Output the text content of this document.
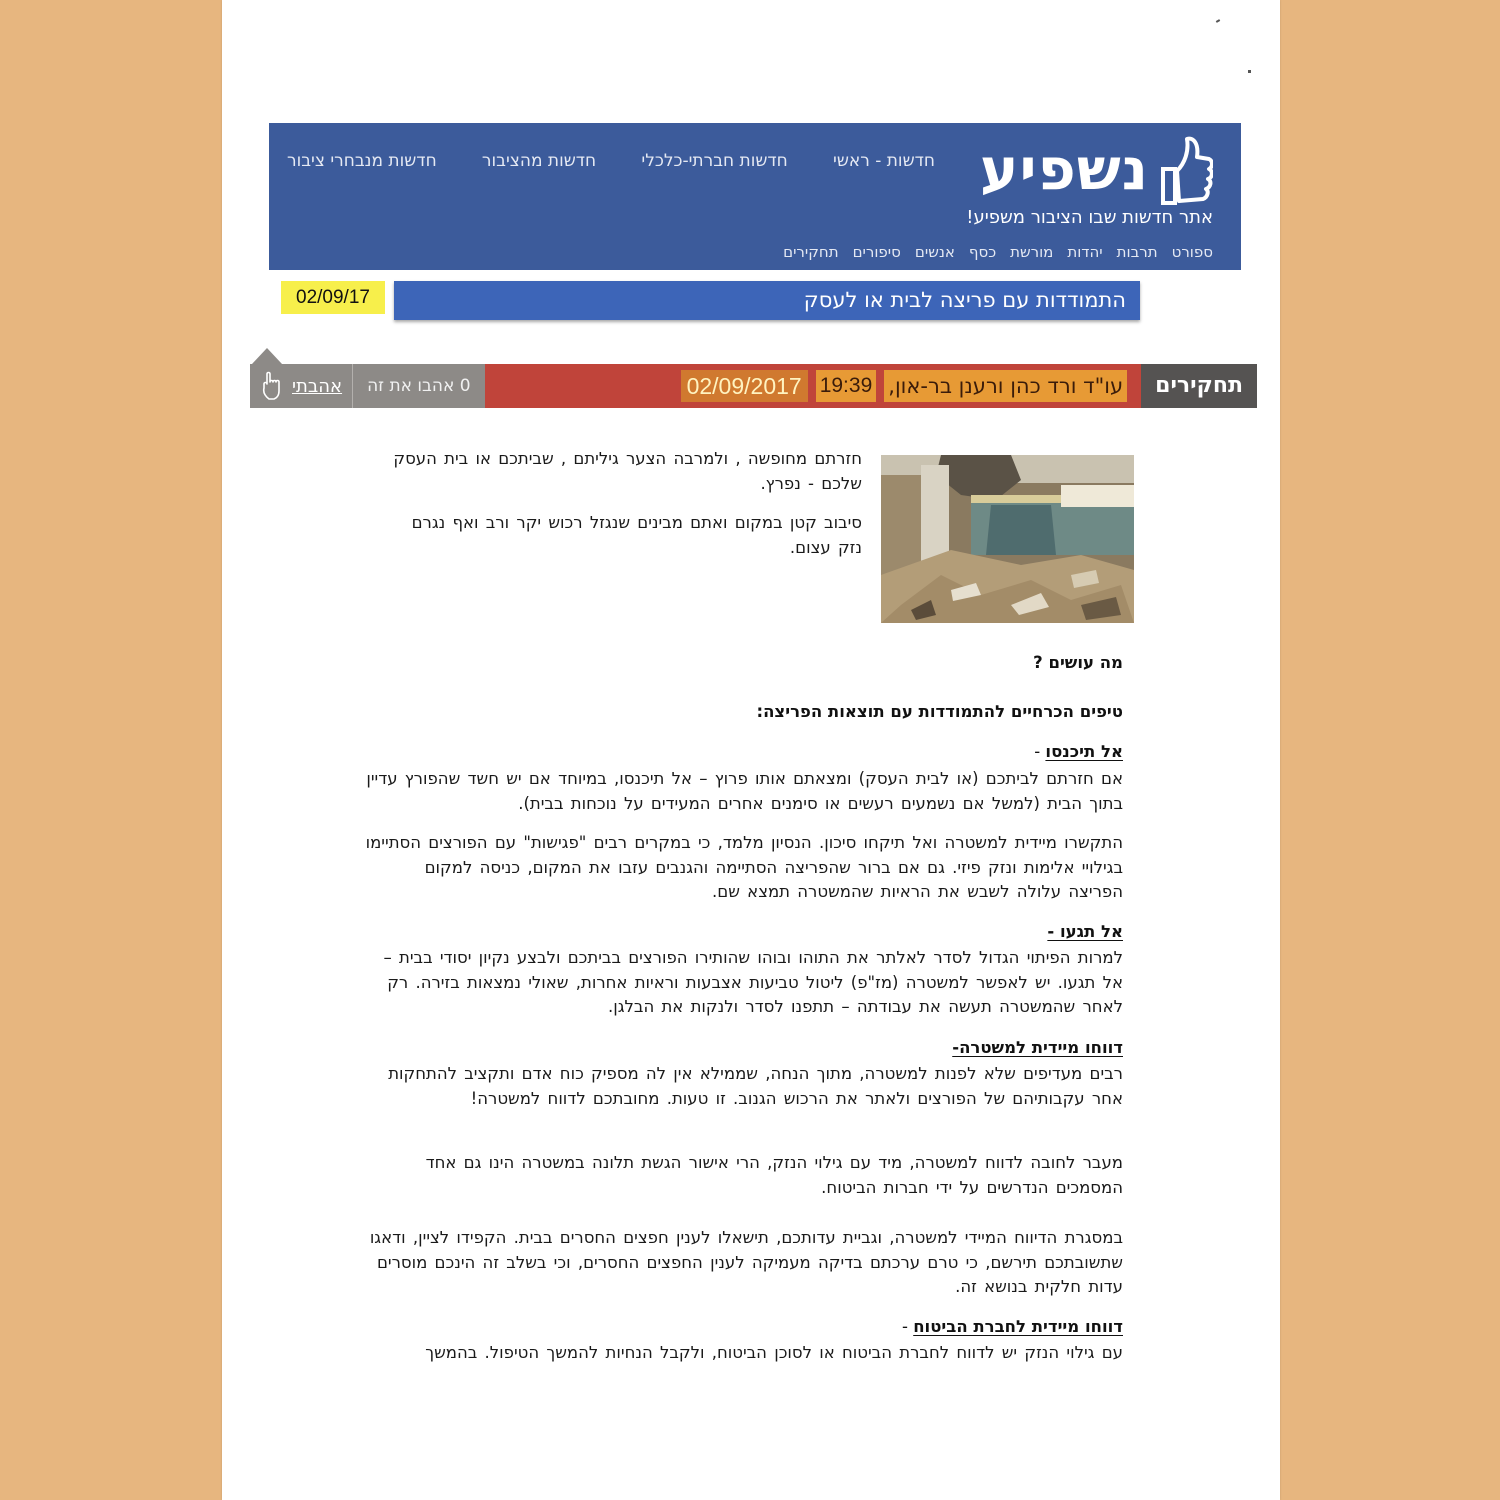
נשפיע

אתר חדשות שבו הציבור משפיע!

חדשות - ראשי
חדשות חברתי-כלכלי
חדשות מהציבור
חדשות מנבחרי ציבור
ספורט
תרבות
יהדות
מורשת
כסף
אנשים
סיפורים
תחקירים
02/09/17	התמודדות עם פריצה לבית או לעסק
תחקירים
עו"ד ורד כהן ורענן בר-און,
19:39
02/09/2017
0 אהבו את זה
אהבתי

חזרתם מחופשה , ולמרבה הצער גיליתם , שביתכם או בית העסק שלכם - נפרץ.

סיבוב קטן במקום ואתם מבינים שנגזל רכוש יקר ורב ואף נגרם נזק עצום.

מה עושים ?

טיפים הכרחיים להתמודדות עם תוצאות הפריצה:

אל תיכנסו -

אם חזרתם לביתכם (או לבית העסק) ומצאתם אותו פרוץ – אל תיכנסו, במיוחד אם יש חשד שהפורץ עדיין בתוך הבית (למשל אם נשמעים רעשים או סימנים אחרים המעידים על נוכחות בבית).

התקשרו מיידית למשטרה ואל תיקחו סיכון. הנסיון מלמד, כי במקרים רבים "פגישות" עם הפורצים הסתיימו בגילויי אלימות ונזק פיזי. גם אם ברור שהפריצה הסתיימה והגנבים עזבו את המקום, כניסה למקום הפריצה עלולה לשבש את הראיות שהמשטרה תמצא שם.

אל תגעו -

למרות הפיתוי הגדול לסדר לאלתר את התוהו ובוהו שהותירו הפורצים בביתכם ולבצע נקיון יסודי בבית – אל תגעו. יש לאפשר למשטרה (מז"פ) ליטול טביעות אצבעות וראיות אחרות, שאולי נמצאות בזירה. רק לאחר שהמשטרה תעשה את עבודתה – תתפנו לסדר ולנקות את הבלגן.

דווחו מיידית למשטרה-

רבים מעדיפים שלא לפנות למשטרה, מתוך הנחה, שממילא אין לה מספיק כוח אדם ותקציב להתחקות אחר עקבותיהם של הפורצים ולאתר את הרכוש הגנוב. זו טעות. מחובתכם לדווח למשטרה!

מעבר לחובה לדווח למשטרה, מיד עם גילוי הנזק, הרי אישור הגשת תלונה במשטרה הינו גם אחד המסמכים הנדרשים על ידי חברות הביטוח.

במסגרת הדיווח המיידי למשטרה, וגביית עדותכם, תישאלו לענין חפצים החסרים בבית. הקפידו לציין, ודאגו שתשובתכם תירשם, כי טרם ערכתם בדיקה מעמיקה לענין החפצים החסרים, וכי בשלב זה הינכם מוסרים עדות חלקית בנושא זה.

דווחו מיידית לחברת הביטוח -

עם גילוי הנזק יש לדווח לחברת הביטוח או לסוכן הביטוח, ולקבל הנחיות להמשך הטיפול. בהמשך
